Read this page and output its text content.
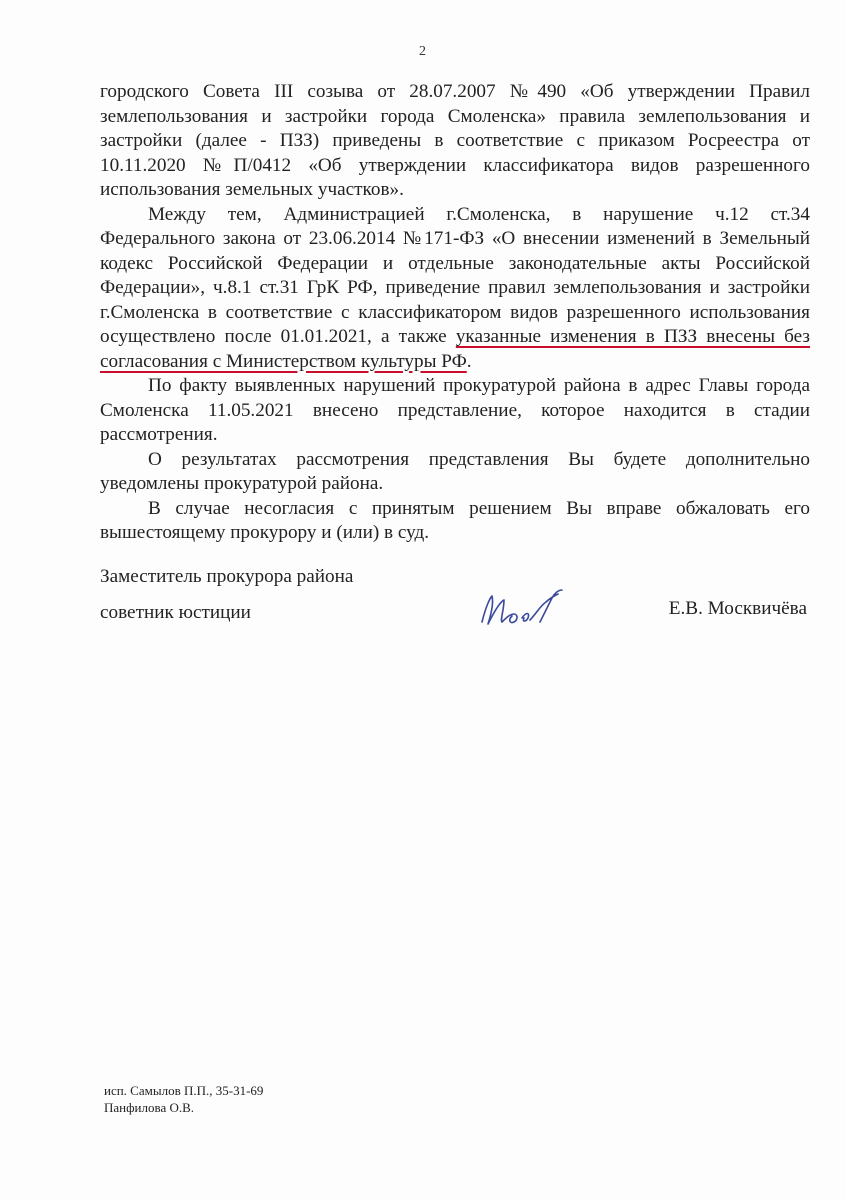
2

городского Совета III созыва от 28.07.2007 №490 «Об утверждении Правил землепользования и застройки города Смоленска» правила землепользования и застройки (далее - ПЗЗ) приведены в соответствие с приказом Росреестра от 10.11.2020 №П/0412 «Об утверждении классификатора видов разрешенного использования земельных участков».

Между тем, Администрацией г.Смоленска, в нарушение ч.12 ст.34 Федерального закона от 23.06.2014 №171-ФЗ «О внесении изменений в Земельный кодекс Российской Федерации и отдельные законодательные акты Российской Федерации», ч.8.1 ст.31 ГрК РФ, приведение правил землепользования и застройки г.Смоленска в соответствие с классификатором видов разрешенного использования осуществлено после 01.01.2021, а также указанные изменения в ПЗЗ внесены без согласования с Министерством культуры РФ.

По факту выявленных нарушений прокуратурой района в адрес Главы города Смоленска 11.05.2021 внесено представление, которое находится в стадии рассмотрения.

О результатах рассмотрения представления Вы будете дополнительно уведомлены прокуратурой района.

В случае несогласия с принятым решением Вы вправе обжаловать его вышестоящему прокурору и (или) в суд.

Заместитель прокурора района
советник юстиции	Е.В. Москвичёва
исп. Самылов П.П., 35-31-69
Панфилова О.В.
